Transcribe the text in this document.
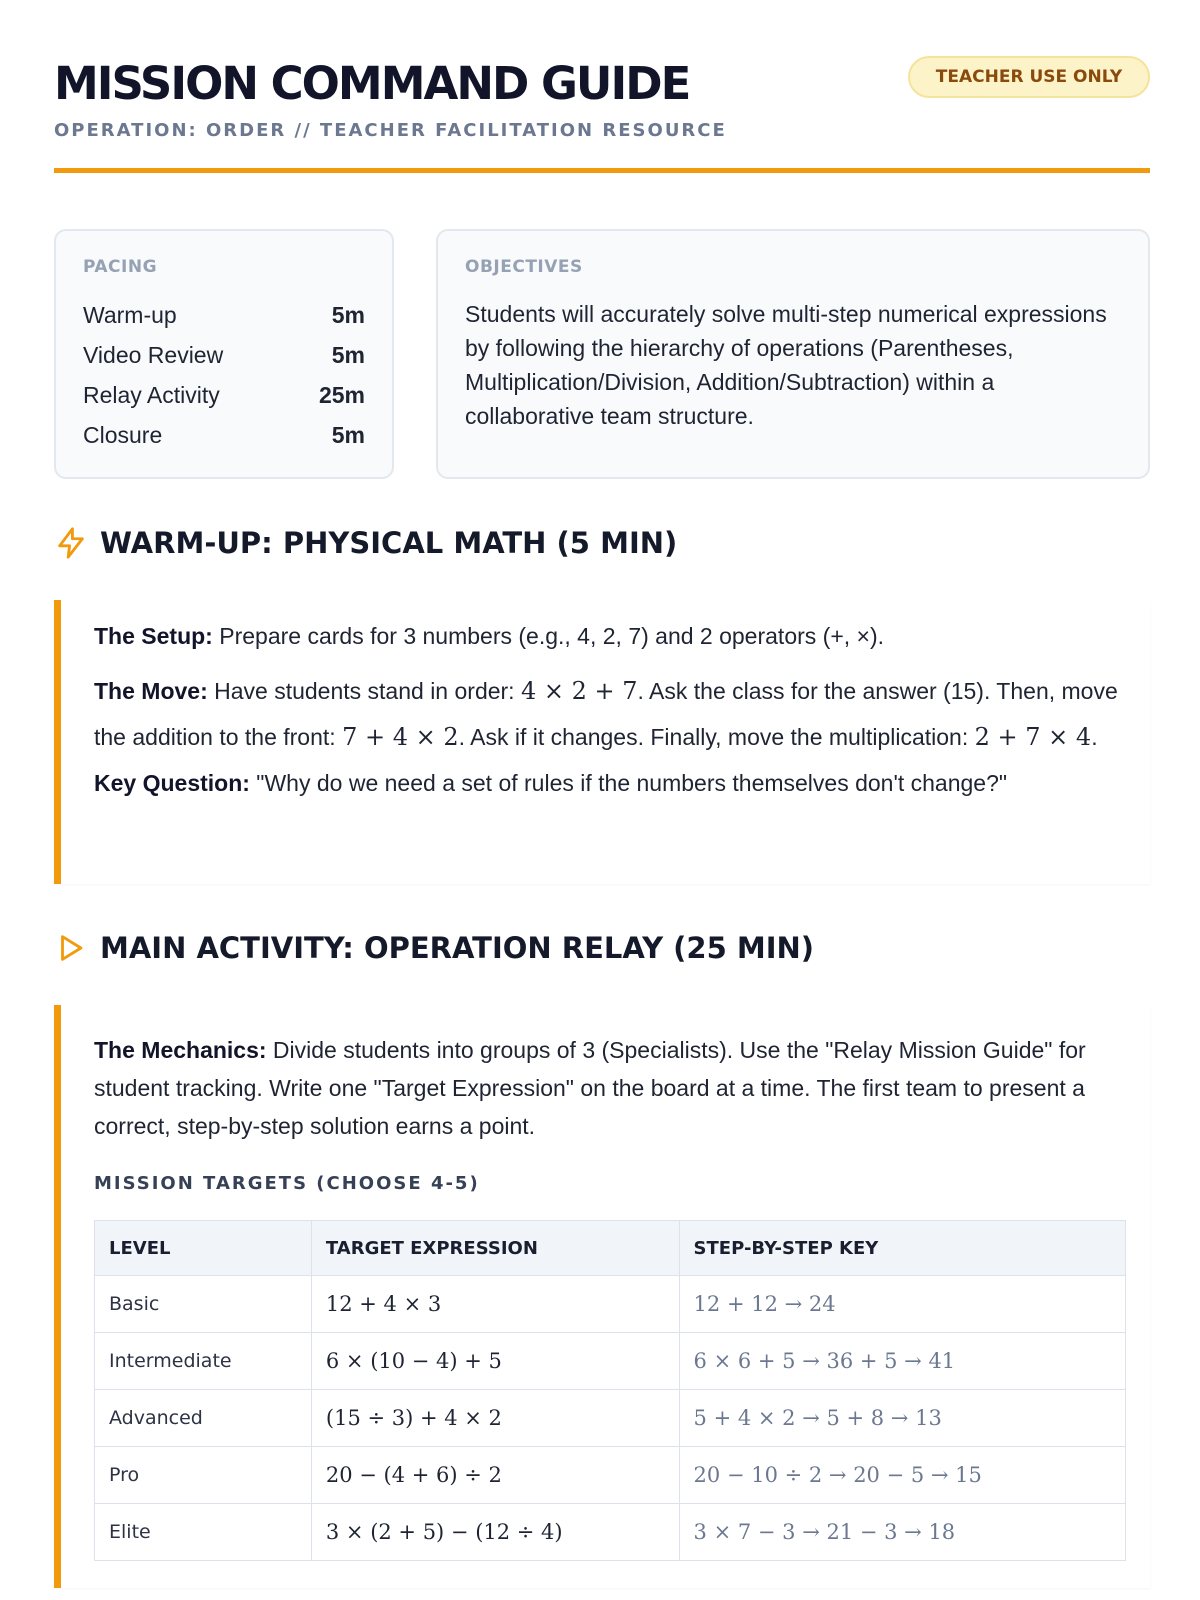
MISSION COMMAND GUIDE
OPERATION: ORDER // TEACHER FACILITATION RESOURCE
TEACHER USE ONLY
PACING
Warm-up	5m
Video Review	5m
Relay Activity	25m
Closure	5m
OBJECTIVES
Students will accurately solve multi-step numerical expressions by following the hierarchy of operations (Parentheses, Multiplication/Division, Addition/Subtraction) within a collaborative team structure.
WARM-UP: PHYSICAL MATH (5 MIN)
The Setup: Prepare cards for 3 numbers (e.g., 4, 2, 7) and 2 operators (+, ×).
The Move: Have students stand in order: 4 × 2 + 7. Ask the class for the answer (15). Then, move the addition to the front: 7 + 4 × 2. Ask if it changes. Finally, move the multiplication: 2 + 7 × 4. Key Question: "Why do we need a set of rules if the numbers themselves don't change?"
MAIN ACTIVITY: OPERATION RELAY (25 MIN)
The Mechanics: Divide students into groups of 3 (Specialists). Use the "Relay Mission Guide" for student tracking. Write one "Target Expression" on the board at a time. The first team to present a correct, step-by-step solution earns a point.
MISSION TARGETS (CHOOSE 4-5)
LEVEL	TARGET EXPRESSION	STEP-BY-STEP KEY
Basic	12 + 4 × 3	12 + 12 → 24
Intermediate	6 × (10 − 4) + 5	6 × 6 + 5 → 36 + 5 → 41
Advanced	(15 ÷ 3) + 4 × 2	5 + 4 × 2 → 5 + 8 → 13
Pro	20 − (4 + 6) ÷ 2	20 − 10 ÷ 2 → 20 − 5 → 15
Elite	3 × (2 + 5) − (12 ÷ 4)	3 × 7 − 3 → 21 − 3 → 18
